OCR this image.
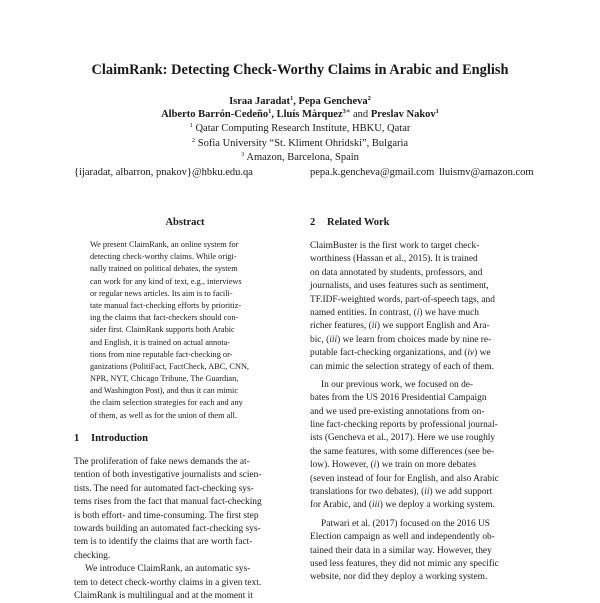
ClaimRank: Detecting Check-Worthy Claims in Arabic and English
Israa Jaradat$^1$, Pepa Gencheva$^2$
Alberto Barrón-Cedeño$^1$, Lluís Màrquez$^{3∗}$ and Preslav Nakov$^1$
$^1$ Qatar Computing Research Institute, HBKU, Qatar
$^2$ Sofia University “St. Kliment Ohridski”, Bulgaria
$^3$ Amazon, Barcelona, Spain
{ijaradat, albarron, pnakov}@hbku.edu.qa	pepa.k.gencheva@gmail.com lluismv@amazon.com
Abstract
We present ClaimRank, an online system for
detecting check-worthy claims. While origi-
nally trained on political debates, the system
can work for any kind of text, e.g., interviews
or regular news articles. Its aim is to facili-
tate manual fact-checking efforts by prioritiz-
ing the claims that fact-checkers should con-
sider first. ClaimRank supports both Arabic
and English, it is trained on actual annota-
tions from nine reputable fact-checking or-
ganizations (PolitiFact, FactCheck, ABC, CNN,
NPR, NYT, Chicago Tribune, The Guardian,
and Washington Post), and thus it can mimic
the claim selection strategies for each and any
of them, as well as for the union of them all.
1 Introduction
The proliferation of fake news demands the at-
tention of both investigative journalists and scien-
tists. The need for automated fact-checking sys-
tems rises from the fact that manual fact-checking
is both effort- and time-consuming. The first step
towards building an automated fact-checking sys-
tem is to identify the claims that are worth fact-
checking.
We introduce ClaimRank, an automatic sys-
tem to detect check-worthy claims in a given text.
ClaimRank is multilingual and at the moment it
2 Related Work
ClaimBuster is the first work to target check-
worthiness (Hassan et al., 2015). It is trained
on data annotated by students, professors, and
journalists, and uses features such as sentiment,
TF.IDF-weighted words, part-of-speech tags, and
named entities. In contrast, (i) we have much
richer features, (ii) we support English and Ara-
bic, (iii) we learn from choices made by nine re-
putable fact-checking organizations, and (iv) we
can mimic the selection strategy of each of them.
In our previous work, we focused on de-
bates from the US 2016 Presidential Campaign
and we used pre-existing annotations from on-
line fact-checking reports by professional journal-
ists (Gencheva et al., 2017). Here we use roughly
the same features, with some differences (see be-
low). However, (i) we train on more debates
(seven instead of four for English, and also Arabic
translations for two debates), (ii) we add support
for Arabic, and (iii) we deploy a working system.
Patwari et al. (2017) focused on the 2016 US
Election campaign as well and independently ob-
tained their data in a similar way. However, they
used less features, they did not mimic any specific
website, nor did they deploy a working system.
